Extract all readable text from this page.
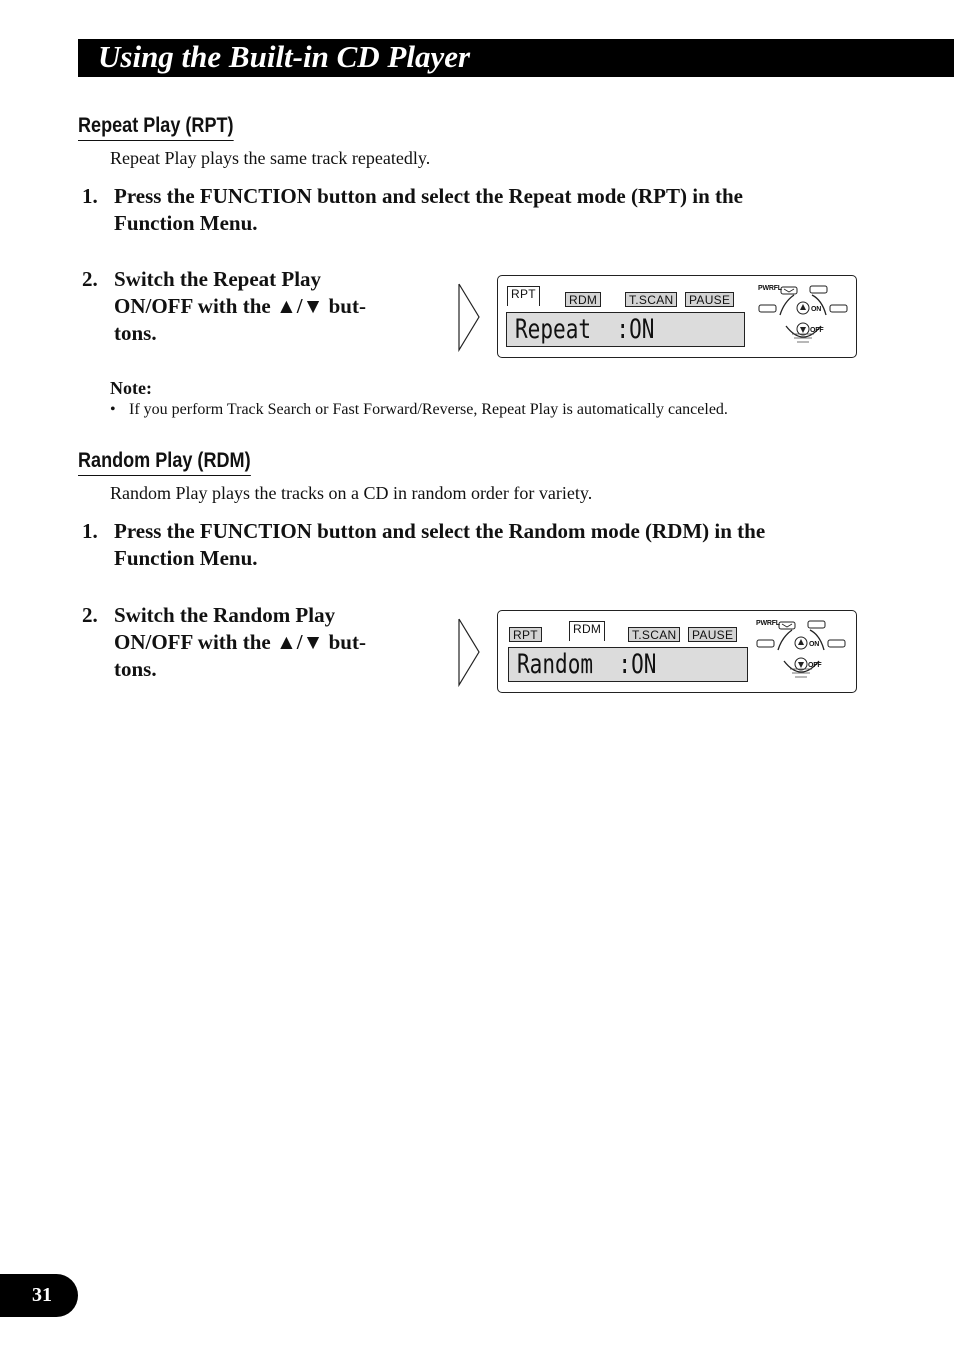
Using the Built-in CD Player
Repeat Play (RPT)
Repeat Play plays the same track repeatedly.
1. Press the FUNCTION button and select the Repeat mode (RPT) in the
Function Menu.
2. Switch the Repeat Play
ON/OFF with the ▲/▼ but-
tons.
RPT	RDM	T.SCAN	PAUSE
Repeat  :ON
PWRFL
ON
OFF
Note:
• If you perform Track Search or Fast Forward/Reverse, Repeat Play is automatically canceled.
Random Play (RDM)
Random Play plays the tracks on a CD in random order for variety.
1. Press the FUNCTION button and select the Random mode (RDM) in the
Function Menu.
2. Switch the Random Play
ON/OFF with the ▲/▼ but-
tons.
RPT	RDM	T.SCAN	PAUSE
Random  :ON
PWRFL
ON
OFF
31
